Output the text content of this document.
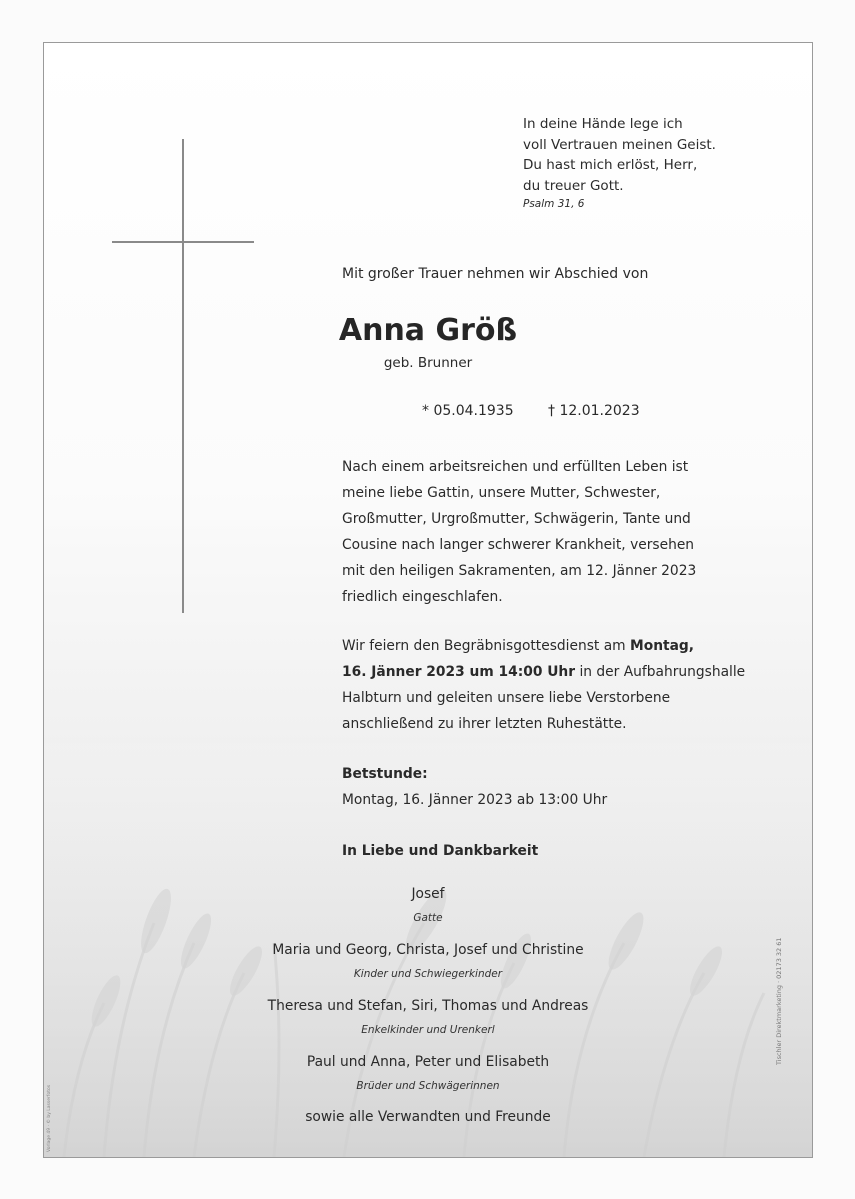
In deine Hände lege ich
voll Vertrauen meinen Geist.
Du hast mich erlöst, Herr,
du treuer Gott.
Psalm 31, 6
Mit großer Trauer nehmen wir Abschied von
Anna Größ
geb. Brunner
* 05.04.1935 † 12.01.2023
Nach einem arbeitsreichen und erfüllten Leben ist
meine liebe Gattin, unsere Mutter, Schwester,
Großmutter, Urgroßmutter, Schwägerin, Tante und
Cousine nach langer schwerer Krankheit, versehen
mit den heiligen Sakramenten, am 12. Jänner 2023
friedlich eingeschlafen.
Wir feiern den Begräbnisgottesdienst am Montag,
16. Jänner 2023 um 14:00 Uhr in der Aufbahrungshalle
Halbturn und geleiten unsere liebe Verstorbene
anschließend zu ihrer letzten Ruhestätte.
Betstunde:
Montag, 16. Jänner 2023 ab 13:00 Uhr
In Liebe und Dankbarkeit
Josef
Gatte
Maria und Georg, Christa, Josef und Christine
Kinder und Schwiegerkinder
Theresa und Stefan, Siri, Thomas und Andreas
Enkelkinder und Urenkerl
Paul und Anna, Peter und Elisabeth
Brüder und Schwägerinnen
sowie alle Verwandten und Freunde
Tischler Direktmarketing · 02173 32 61
Vorlage 49 · © by Lasserfotos
